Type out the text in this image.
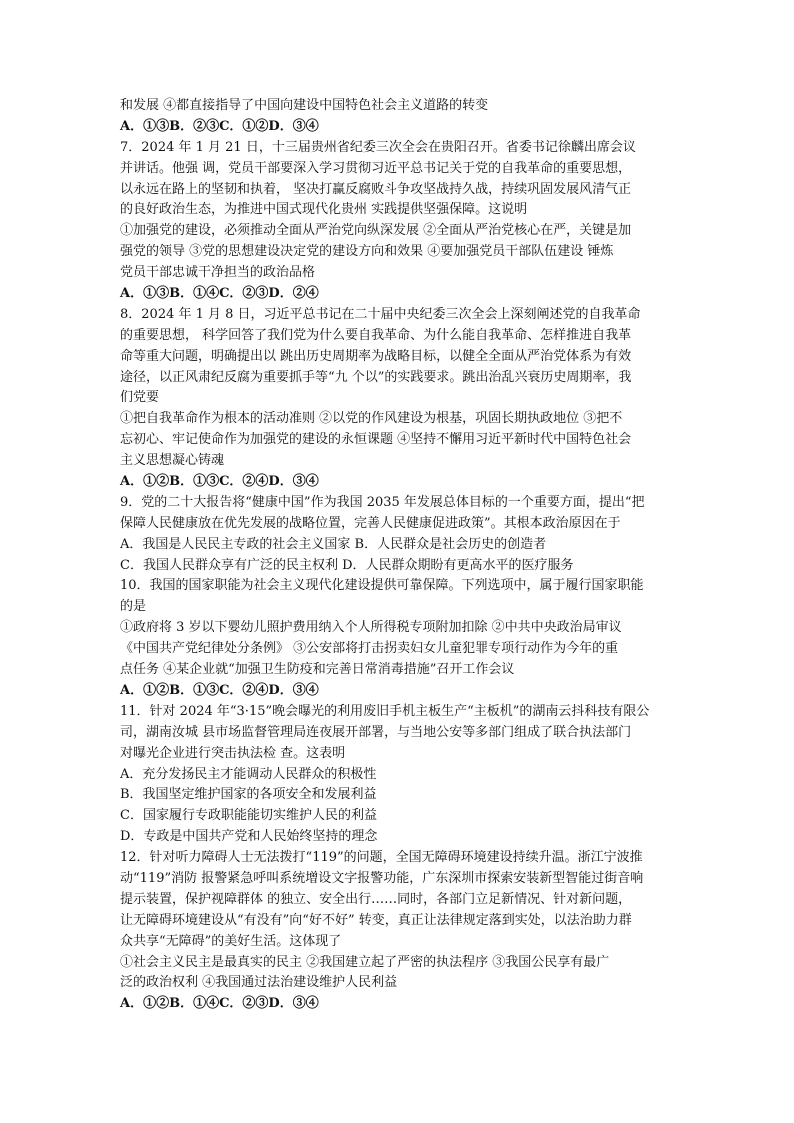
和发展 ④都直接指导了中国向建设中国特色社会主义道路的转变
A．①③B．②③C．①②D．③④
7．2024 年 1 月 21 日，十三届贵州省纪委三次全会在贵阳召开。省委书记徐麟出席会议
并讲话。他强 调，党员干部要深入学习贯彻习近平总书记关于党的自我革命的重要思想，
以永远在路上的坚韧和执着， 坚决打赢反腐败斗争攻坚战持久战，持续巩固发展风清气正
的良好政治生态，为推进中国式现代化贵州 实践提供坚强保障。这说明
①加强党的建设，必须推动全面从严治党向纵深发展 ②全面从严治党核心在严，关键是加
强党的领导 ③党的思想建设决定党的建设方向和效果 ④要加强党员干部队伍建设 锤炼
党员干部忠诚干净担当的政治品格
A．①③B．①④C．②③D．②④
8．2024 年 1 月 8 日，习近平总书记在二十届中央纪委三次全会上深刻阐述党的自我革命
的重要思想， 科学回答了我们党为什么要自我革命、为什么能自我革命、怎样推进自我革
命等重大问题，明确提出以 跳出历史周期率为战略目标，以健全全面从严治党体系为有效
途径，以正风肃纪反腐为重要抓手等“九 个以”的实践要求。跳出治乱兴衰历史周期率，我
们党要
①把自我革命作为根本的活动准则 ②以党的作风建设为根基，巩固长期执政地位 ③把不
忘初心、牢记使命作为加强党的建设的永恒课题 ④坚持不懈用习近平新时代中国特色社会
主义思想凝心铸魂
A．①②B．①③C．②④D．③④
9．党的二十大报告将“健康中国”作为我国 2035 年发展总体目标的一个重要方面，提出“把
保障人民健康放在优先发展的战略位置，完善人民健康促进政策”。其根本政治原因在于
A．我国是人民民主专政的社会主义国家 B．人民群众是社会历史的创造者
C．我国人民群众享有广泛的民主权利 D．人民群众期盼有更高水平的医疗服务
10．我国的国家职能为社会主义现代化建设提供可靠保障。下列选项中，属于履行国家职能
的是
①政府将 3 岁以下婴幼儿照护费用纳入个人所得税专项附加扣除 ②中共中央政治局审议
《中国共产党纪律处分条例》 ③公安部将打击拐卖妇女儿童犯罪专项行动作为今年的重
点任务 ④某企业就“加强卫生防疫和完善日常消毒措施”召开工作会议
A．①②B．①③C．②④D．③④
11．针对 2024 年“3·15”晚会曝光的利用废旧手机主板生产“主板机”的湖南云抖科技有限公
司，湖南汝城 县市场监督管理局连夜展开部署，与当地公安等多部门组成了联合执法部门
对曝光企业进行突击执法检 查。这表明
A．充分发扬民主才能调动人民群众的积极性
B．我国坚定维护国家的各项安全和发展利益
C．国家履行专政职能能切实维护人民的利益
D．专政是中国共产党和人民始终坚持的理念
12．针对听力障碍人士无法拨打“119”的问题，全国无障碍环境建设持续升温。浙江宁波推
动“119”消防 报警紧急呼叫系统增设文字报警功能，广东深圳市探索安装新型智能过街音响
提示装置，保护视障群体 的独立、安全出行……同时，各部门立足新情况、针对新问题，
让无障碍环境建设从“有没有”向“好不好” 转变，真正让法律规定落到实处，以法治助力群
众共享“无障碍”的美好生活。这体现了
①社会主义民主是最真实的民主 ②我国建立起了严密的执法程序 ③我国公民享有最广
泛的政治权利 ④我国通过法治建设维护人民利益
A．①②B．①④C．②③D．③④
